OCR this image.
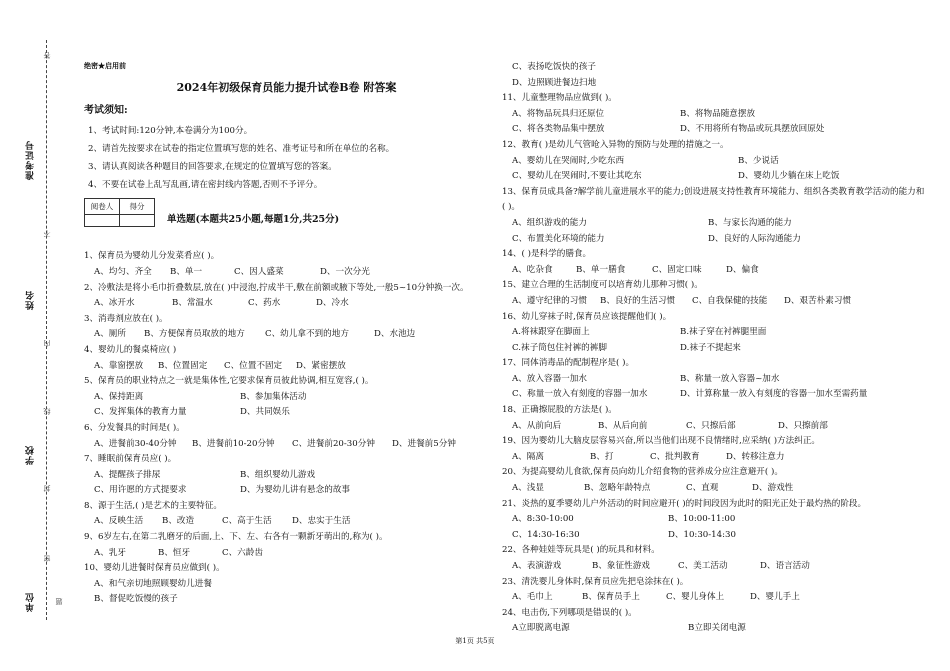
答
准考证号
不
姓名
内
线
学校
封
密
单位	题
绝密★启用前
2024年初级保育员能力提升试卷B卷 附答案
考试须知:

1、考试时间:120分钟,本卷满分为100分。

2、请首先按要求在试卷的指定位置填写您的姓名、准考证号和所在单位的名称。

3、请认真阅读各种题目的回答要求,在规定的位置填写您的答案。

4、不要在试卷上乱写乱画,请在密封线内答题,否则不予评分。

阅卷人	得分

单选题(本题共25小题,每题1分,共25分)
1、保育员为婴幼儿分发菜肴应( )。
A、均匀、齐全 B、单一	C、因人盛菜	D、一次分光
2、冷敷法是将小毛巾折叠数层,放在( )中浸泡,拧成半干,敷在前额或腋下等处,一般5~10分钟换一次。
A、冰开水	B、常温水	C、药水	D、冷水
3、消毒剂应放在( )。
A、厕所 B、方便保育员取放的地方 C、幼儿拿不到的地方	D、水池边
4、婴幼儿的餐桌椅应( )
A、靠窗摆放 B、位置固定 C、位置不固定 D、紧密摆放
5、保育员的职业特点之一就是集体性,它要求保育员彼此协调,相互宽容,( )。
A、保持距离	B、参加集体活动
C、发挥集体的教育力量	D、共同娱乐
6、分发餐具的时间是( )。
A、进餐前30-40分钟 B、进餐前10-20分钟 C、进餐前20-30分钟 D、进餐前5分钟
7、睡眠前保育员应( )。
A、提醒孩子排尿	B、组织婴幼儿游戏
C、用许愿的方式提要求	D、为婴幼儿讲有悬念的故事
8、源于生活,( )是艺术的主要特征。
A、反映生活 B、改造	C、高于生活 D、忠实于生活
9、6岁左右,在第二乳磨牙的后面,上、下、左、右各有一颗新牙萌出的,称为( )。
A、乳牙	B、恒牙	C、六龄齿
10、婴幼儿进餐时保育员应做到( )。
A、和气亲切地照顾婴幼儿进餐
B、督促吃饭慢的孩子
C、表扬吃饭快的孩子
D、边照顾进餐边扫地
11、儿童整理物品应做到( )。
A、将物品玩具归还原位	B、将物品随意摆放
C、将各类物品集中摆放	D、不用将所有物品或玩具摆放回原处
12、教育( )是幼儿气管呛入异物的预防与处理的措施之一。
A、婴幼儿在哭闹时,少吃东西	B、少说话
C、婴幼儿在哭闹时,不要让其吃东	D、婴幼儿少躺在床上吃饭
13、保育员成具备?解学前儿童进展水平的能力;创设进展支持性教育环境能力、组织各类教育教学活动的能力和( )。
A、组织游戏的能力	B、与家长沟通的能力
C、布置美化环境的能力	D、良好的人际沟通能力
14、( )是科学的膳食。
A、吃杂食	B、单一膳食	C、固定口味	D、偏食
15、建立合理的生活制度可以培育幼儿那种习惯( )。
A、遵守纪律的习惯 B、良好的生活习惯 C、自我保健的技能 D、艰苦朴素习惯
16、幼儿穿袜子时,保育员应该提醒他们( )。
A.将袜跟穿在脚面上	B.袜子穿在衬裤腿里面
C.袜子筒包住衬裤的裤脚	D.袜子不提起来
17、同体消毒品的配制程序是( )。
A、放入容器一加水	B、称量一放入容器~加水
C、称量一放入有刻度的容器一加水	D、计算称量一放入有刻度的容器一加水至需药量
18、正确擦屁股的方法是( )。
A、从前向后	B、从后向前	C、只擦后部	D、只擦前部
19、因为婴幼儿大脑皮层容易兴奋,所以当他们出现不良情绪时,应采纳( )方法纠正。
A、隔离	B、打	C、批判教育	D、转移注意力
20、为提高婴幼儿食欲,保育员向幼儿介绍食物的营养成分应注意避开( )。
A、浅显	B、忽略年龄特点	C、直观	D、游戏性
21、炎热的夏季婴幼儿户外活动的时间应避开( )的时间段因为此时的阳光正处于最灼热的阶段。
A、8:30-10:00	B、10:00-11:00
C、14:30-16:30	D、10:30-14:30
22、各种娃娃等玩具是( )的玩具和材料。
A、表演游戏	B、象征性游戏	C、美工活动	D、语言活动
23、清洗婴儿身体时,保育员应先把皂涂抹在( )。
A、毛巾上	B、保育员手上	C、婴儿身体上	D、婴儿手上
24、电击伤,下列哪项是错误的( )。
A立即脱离电源	B立即关闭电源
第1页 共5页
